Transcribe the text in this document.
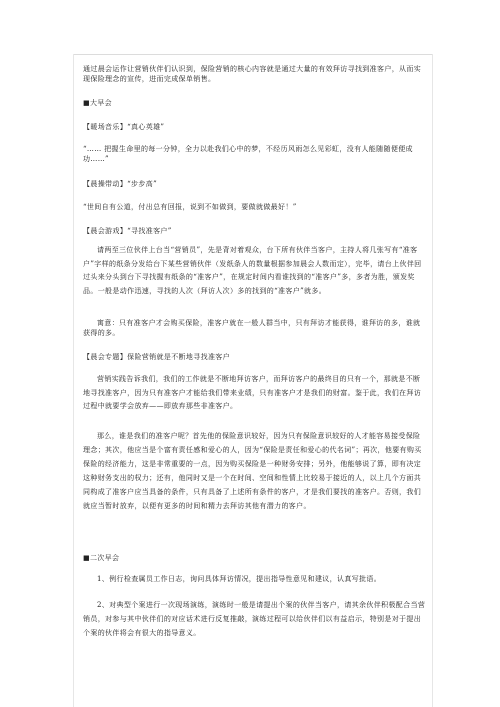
通过晨会运作让营销伙伴们认识到，保险营销的核心内容就是通过大量的有效拜访寻找到准客户，从而实现保险理念的宣传，进而完成保单销售。

■大早会

【暖场音乐】“真心英雄”

“…… 把握生命里的每一分钟，全力以赴我们心中的梦，不经历风雨怎么见彩虹，没有人能随随便便成功……”

【晨操带动】“步步高”

“世间自有公道，付出总有回报，说到不如做到，要做就做最好！”

【晨会游戏】“寻找准客户”

请两至三位伙伴上台当“营销员”，先是背对着观众，台下所有伙伴当客户，主持人将几张写有“准客户”字样的纸条分发给台下某些营销伙伴（发纸条人的数量根据参加晨会人数而定），完毕，请台上伙伴回过头来分头到台下寻找握有纸条的“准客户”，在规定时间内看谁找到的“准客户”多，多者为胜，颁发奖品。一般是动作迅速，寻找的人次（拜访人次）多的找到的“准客户”就多。

寓意：只有准客户才会购买保险，准客户就在一般人群当中，只有拜访才能获得，谁拜访的多，谁就获得的多。

【晨会专题】保险营销就是不断地寻找准客户

营销实践告诉我们，我们的工作就是不断地拜访客户，而拜访客户的最终目的只有一个，那就是不断地寻找准客户，因为只有准客户才能给我们带来业绩，只有准客户才是我们的财富。鉴于此，我们在拜访过程中就要学会放弃——即放弃那些非准客户。

那么，谁是我们的准客户呢？首先他的保险意识较好，因为只有保险意识较好的人才能容易接受保险理念；其次，他应当是个富有责任感和爱心的人，因为“保险是责任和爱心的代名词”；再次，他要有购买保险的经济能力，这是非常重要的一点，因为购买保险是一种财务安排；另外，他能够说了算，即有决定这种财务支出的权力；还有，他同时又是一个在时间、空间和性情上比较易于接近的人，以上几个方面共同构成了准客户应当具备的条件，只有具备了上述所有条件的客户，才是我们要找的准客户。否则，我们就应当暂时放弃，以便有更多的时间和精力去拜访其他有潜力的客户。

■二次早会

1、例行检查属员工作日志，询问具体拜访情况，提出指导性意见和建议，认真写批语。

2、对典型个案进行一次现场演练，演练时一般是请提出个案的伙伴当客户，请其余伙伴积极配合当营销员，对参与其中伙伴们的对应话术进行反复推敲，演练过程可以给伙伴们以有益启示，特别是对于提出个案的伙伴将会有很大的指导意义。
